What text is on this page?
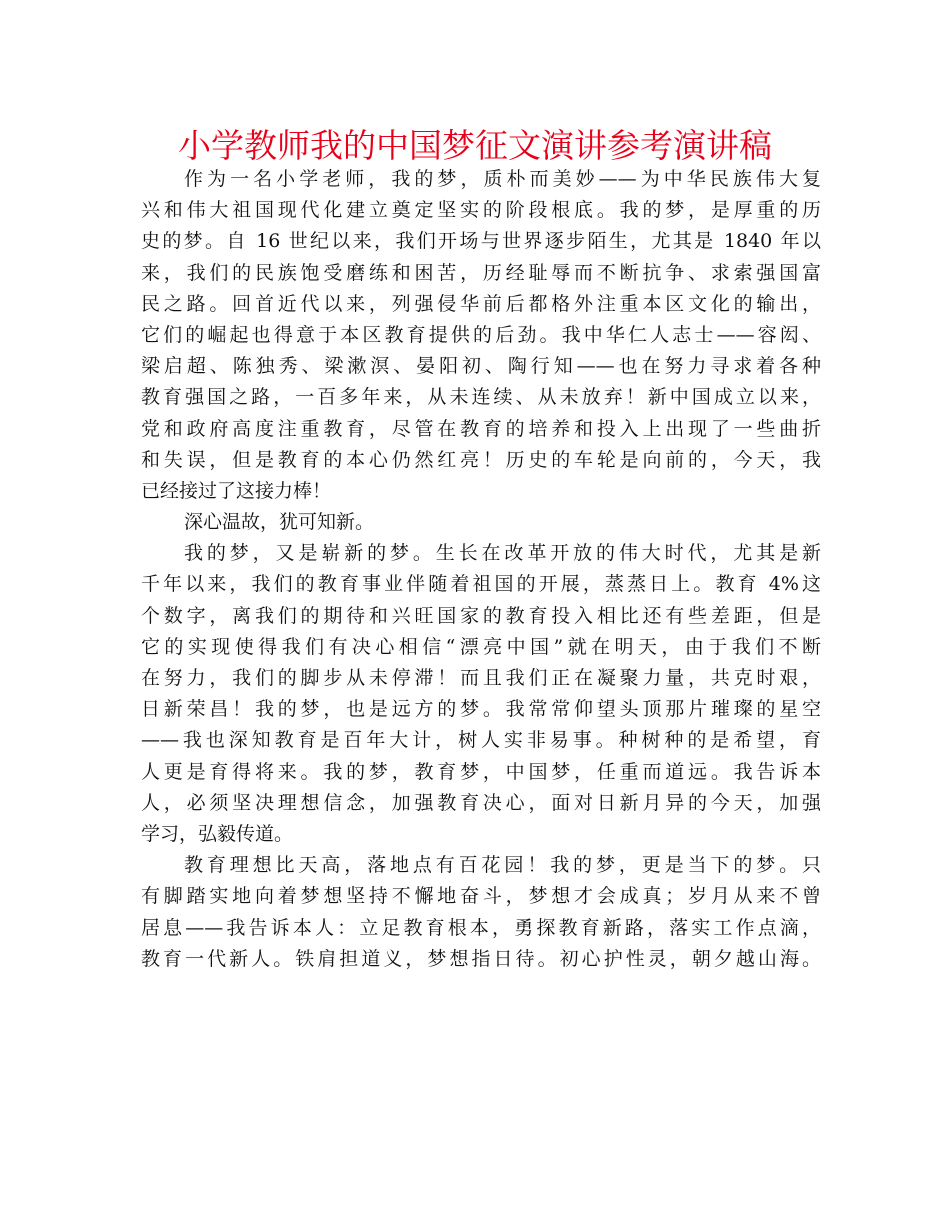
小学教师我的中国梦征文演讲参考演讲稿
作为一名小学老师，我的梦，质朴而美妙——为中华民族伟大复
兴和伟大祖国现代化建立奠定坚实的阶段根底。我的梦，是厚重的历
史的梦。自 16 世纪以来，我们开场与世界逐步陌生，尤其是 1840 年以
来，我们的民族饱受磨练和困苦，历经耻辱而不断抗争、求索强国富
民之路。回首近代以来，列强侵华前后都格外注重本区文化的输出，
它们的崛起也得意于本区教育提供的后劲。我中华仁人志士——容闳、
梁启超、陈独秀、梁漱溟、晏阳初、陶行知——也在努力寻求着各种
教育强国之路，一百多年来，从未连续、从未放弃！新中国成立以来，
党和政府高度注重教育，尽管在教育的培养和投入上出现了一些曲折
和失误，但是教育的本心仍然红亮！历史的车轮是向前的，今天，我
已经接过了这接力棒！
深心温故，犹可知新。
我的梦，又是崭新的梦。生长在改革开放的伟大时代，尤其是新
千年以来，我们的教育事业伴随着祖国的开展，蒸蒸日上。教育 4%这
个数字，离我们的期待和兴旺国家的教育投入相比还有些差距，但是
它的实现使得我们有决心相信“漂亮中国”就在明天，由于我们不断
在努力，我们的脚步从未停滞！而且我们正在凝聚力量，共克时艰，
日新荣昌！我的梦，也是远方的梦。我常常仰望头顶那片璀璨的星空
——我也深知教育是百年大计，树人实非易事。种树种的是希望，育
人更是育得将来。我的梦，教育梦，中国梦，任重而道远。我告诉本
人，必须坚决理想信念，加强教育决心，面对日新月异的今天，加强
学习，弘毅传道。
教育理想比天高，落地点有百花园！我的梦，更是当下的梦。只
有脚踏实地向着梦想坚持不懈地奋斗，梦想才会成真；岁月从来不曾
居息——我告诉本人：立足教育根本，勇探教育新路，落实工作点滴，
教育一代新人。铁肩担道义，梦想指日待。初心护性灵，朝夕越山海。
